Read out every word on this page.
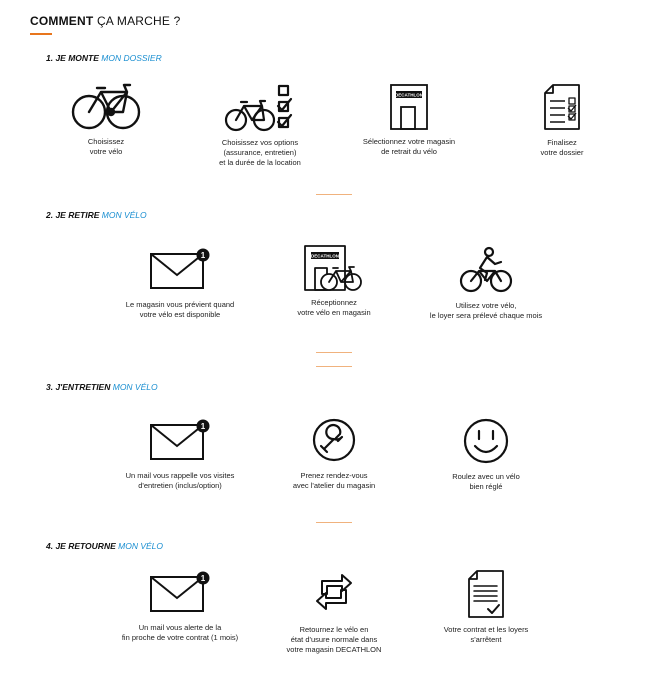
COMMENT ÇA MARCHE ?
1. JE MONTE MON DOSSIER
Choisissez
votre vélo
Choisissez vos options
(assurance, entretien)
et la durée de la location
DECATHLON
Sélectionnez votre magasin
de retrait du vélo
Finalisez
votre dossier
2. JE RETIRE MON VÉLO
1
Le magasin vous prévient quand
votre vélo est disponible
DECATHLON
Réceptionnez
votre vélo en magasin
Utilisez votre vélo,
le loyer sera prélevé chaque mois
3. J'ENTRETIEN MON VÉLO
1
Un mail vous rappelle vos visites
d'entretien (inclus/option)
Prenez rendez-vous
avec l'atelier du magasin
Roulez avec un vélo
bien réglé
4. JE RETOURNE MON VÉLO
1
Un mail vous alerte de la
fin proche de votre contrat (1 mois)
Retournez le vélo en
état d'usure normale dans
votre magasin DECATHLON
Votre contrat et les loyers
s'arrêtent
